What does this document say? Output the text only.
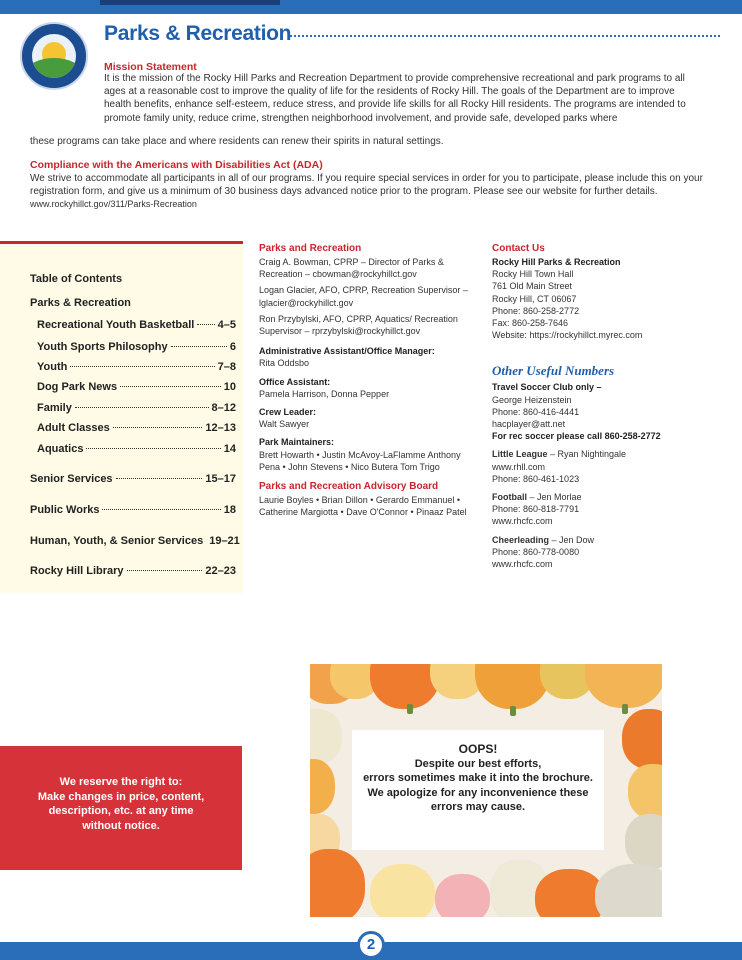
Parks & Recreation
Mission Statement

It is the mission of the Rocky Hill Parks and Recreation Department to provide comprehensive recreational and park programs to all ages at a reasonable cost to improve the quality of life for the residents of Rocky Hill. The goals of the Department are to improve health benefits, enhance self-esteem, reduce stress, and provide life skills for all Rocky Hill residents. The programs are intended to promote family unity, reduce crime, strengthen neighborhood involvement, and provide safe, developed parks where

these programs can take place and where residents can renew their spirits in natural settings.

Compliance with the Americans with Disabilities Act (ADA)

We strive to accommodate all participants in all of our programs. If you require special services in order for you to participate, please include this on your registration form, and give us a minimum of 30 business days advanced notice prior to the program. Please see our website for further details. www.rockyhillct.gov/311/Parks-Recreation

Table of Contents
Parks & Recreation
Recreational Youth Basketball 4–5
Youth Sports Philosophy	6
Youth	7–8
Dog Park News	10
Family	8–12
Adult Classes	12–13
Aquatics	14
Senior Services	15–17
Public Works	18
Human, Youth, & Senior Services 19–21
Rocky Hill Library	22–23

Parks and Recreation

Craig A. Bowman, CPRP – Director of Parks & Recreation – cbowman@rockyhillct.gov

Logan Glacier, AFO, CPRP, Recreation Supervisor – lglacier@rockyhillct.gov

Ron Przybylski, AFO, CPRP, Aquatics/ Recreation Supervisor – rprzybylski@rockyhillct.gov

Administrative Assistant/Office Manager:

Rita Oddsbo

Office Assistant:

Pamela Harrison, Donna Pepper

Crew Leader:

Walt Sawyer

Park Maintainers:

Brett Howarth • Justin McAvoy-LaFlamme Anthony Pena • John Stevens • Nico Butera Tom Trigo

Parks and Recreation Advisory Board

Laurie Boyles • Brian Dillon • Gerardo Emmanuel • Catherine Margiotta • Dave O'Connor • Pinaaz Patel

Contact Us

Rocky Hill Parks & Recreation

Rocky Hill Town Hall

761 Old Main Street

Rocky Hill, CT 06067

Phone: 860-258-2772

Fax: 860-258-7646

Website: https://rockyhillct.myrec.com

Other Useful Numbers

Travel Soccer Club only –

George Heizenstein

Phone: 860-416-4441

hacplayer@att.net

For rec soccer please call 860-258-2772

Little League – Ryan Nightingale

www.rhll.com

Phone: 860-461-1023

Football – Jen Morlae

Phone: 860-818-7791

www.rhcfc.com

Cheerleading – Jen Dow

Phone: 860-778-0080

www.rhcfc.com

We reserve the right to:
Make changes in price, content,
description, etc. at any time
without notice.
OOPS!
Despite our best efforts,
errors sometimes make it into the brochure.
We apologize for any inconvenience these
errors may cause.
2
